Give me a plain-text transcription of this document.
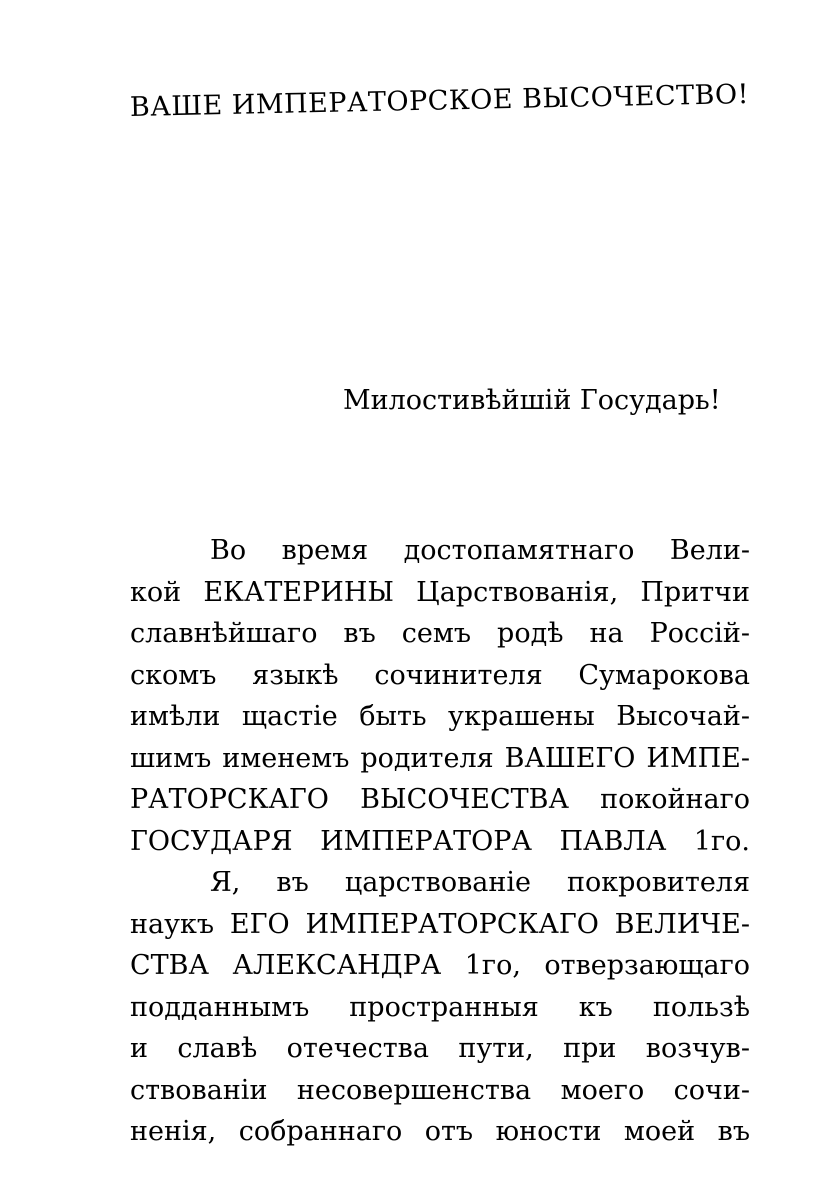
ВАШЕ ИМПЕРАТОРСКОЕ ВЫСОЧЕСТВО!
Милостивѣйшій Государь!
Во время достопамятнаго Вели-
кой ЕКАТЕРИНЫ Царствованія, Притчи
славнѣйшаго въ семъ родѣ на Россій-
скомъ языкѣ сочинителя Сумарокова
имѣли щастіе быть украшены Высочай-
шимъ именемъ родителя ВАШЕГО ИМПЕ-
РАТОРСКАГО ВЫСОЧЕСТВА покойнаго
ГОСУДАРЯ ИМПЕРАТОРА ПАВЛА 1го.
Я, въ царствованіе покровителя
наукъ ЕГО ИМПЕРАТОРСКАГО ВЕЛИЧЕ-
СТВА АЛЕКСАНДРА 1го, отверзающаго
подданнымъ пространныя къ пользѣ
и славѣ отечества пути, при возчув-
ствованіи несовершенства моего сочи-
ненія, собраннаго отъ юности моей въ
